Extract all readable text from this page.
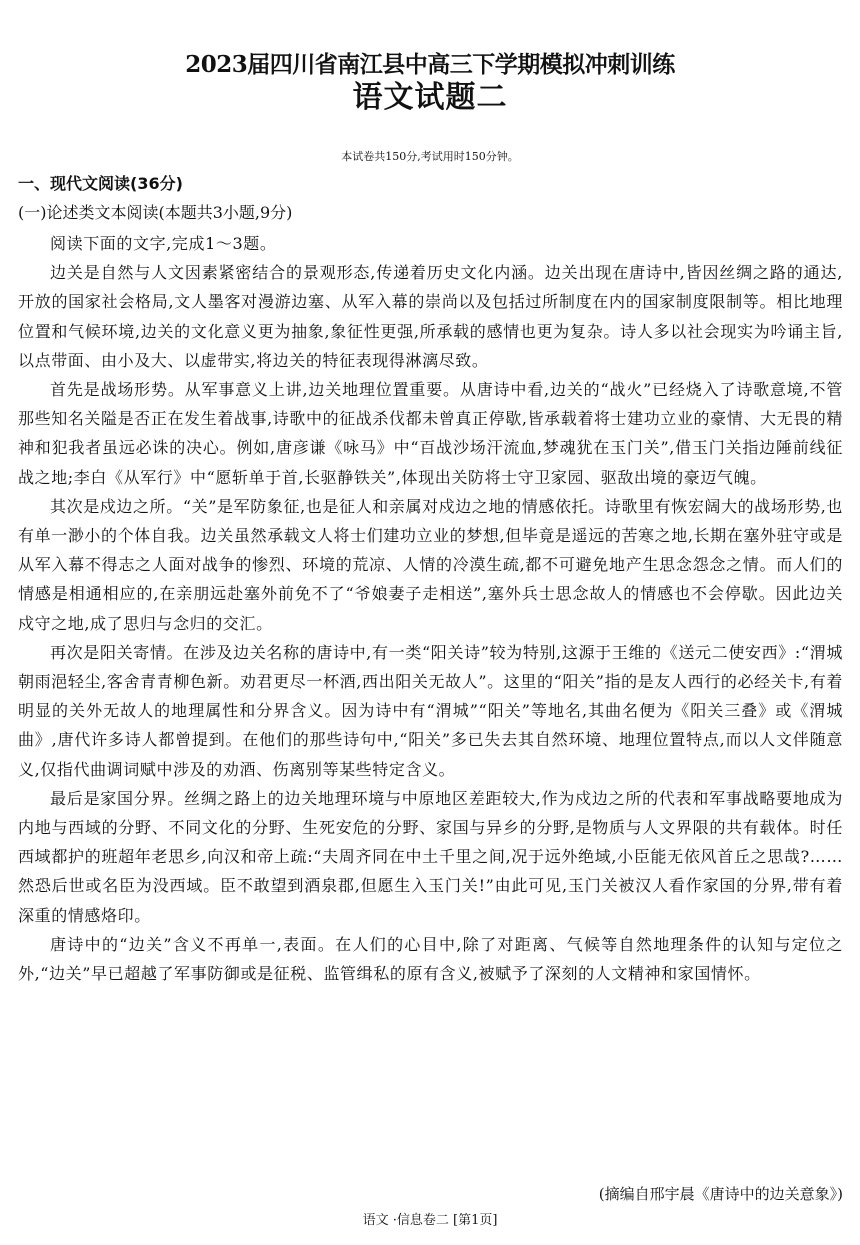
2023届四川省南江县中高三下学期模拟冲刺训练
语文试题二
本试卷共150分,考试用时150分钟。
一、现代文阅读(36分)
(一)论述类文本阅读(本题共3小题,9分)

阅读下面的文字,完成1～3题。

边关是自然与人文因素紧密结合的景观形态,传递着历史文化内涵。边关出现在唐诗中,皆因丝绸之路的通达,开放的国家社会格局,文人墨客对漫游边塞、从军入幕的崇尚以及包括过所制度在内的国家制度限制等。相比地理位置和气候环境,边关的文化意义更为抽象,象征性更强,所承载的感情也更为复杂。诗人多以社会现实为吟诵主旨,以点带面、由小及大、以虚带实,将边关的特征表现得淋漓尽致。

首先是战场形势。从军事意义上讲,边关地理位置重要。从唐诗中看,边关的“战火”已经烧入了诗歌意境,不管那些知名关隘是否正在发生着战事,诗歌中的征战杀伐都未曾真正停歇,皆承载着将士建功立业的豪情、大无畏的精神和犯我者虽远必诛的决心。例如,唐彦谦《咏马》中“百战沙场汗流血,梦魂犹在玉门关”,借玉门关指边陲前线征战之地;李白《从军行》中“愿斩单于首,长驱静铁关”,体现出关防将士守卫家园、驱敌出境的豪迈气魄。

其次是戍边之所。“关”是军防象征,也是征人和亲属对戍边之地的情感依托。诗歌里有恢宏阔大的战场形势,也有单一渺小的个体自我。边关虽然承载文人将士们建功立业的梦想,但毕竟是遥远的苦寒之地,长期在塞外驻守或是从军入幕不得志之人面对战争的惨烈、环境的荒凉、人情的冷漠生疏,都不可避免地产生思念怨念之情。而人们的情感是相通相应的,在亲朋远赴塞外前免不了“爷娘妻子走相送”,塞外兵士思念故人的情感也不会停歇。因此边关戍守之地,成了思归与念归的交汇。

再次是阳关寄情。在涉及边关名称的唐诗中,有一类“阳关诗”较为特别,这源于王维的《送元二使安西》:“渭城朝雨浥轻尘,客舍青青柳色新。劝君更尽一杯酒,西出阳关无故人”。这里的“阳关”指的是友人西行的必经关卡,有着明显的关外无故人的地理属性和分界含义。因为诗中有“渭城”“阳关”等地名,其曲名便为《阳关三叠》或《渭城曲》,唐代许多诗人都曾提到。在他们的那些诗句中,“阳关”多已失去其自然环境、地理位置特点,而以人文伴随意义,仅指代曲调词赋中涉及的劝酒、伤离别等某些特定含义。

最后是家国分界。丝绸之路上的边关地理环境与中原地区差距较大,作为戍边之所的代表和军事战略要地成为内地与西域的分野、不同文化的分野、生死安危的分野、家国与异乡的分野,是物质与人文界限的共有载体。时任西域都护的班超年老思乡,向汉和帝上疏:“夫周齐同在中土千里之间,况于远外绝域,小臣能无依风首丘之思哉?……然恐后世或名臣为没西域。臣不敢望到酒泉郡,但愿生入玉门关!”由此可见,玉门关被汉人看作家国的分界,带有着深重的情感烙印。

唐诗中的“边关”含义不再单一,表面。在人们的心目中,除了对距离、气候等自然地理条件的认知与定位之外,“边关”早已超越了军事防御或是征税、监管缉私的原有含义,被赋予了深刻的人文精神和家国情怀。

(摘编自邢宇晨《唐诗中的边关意象》)
语文 ·信息卷二 [第1页]
